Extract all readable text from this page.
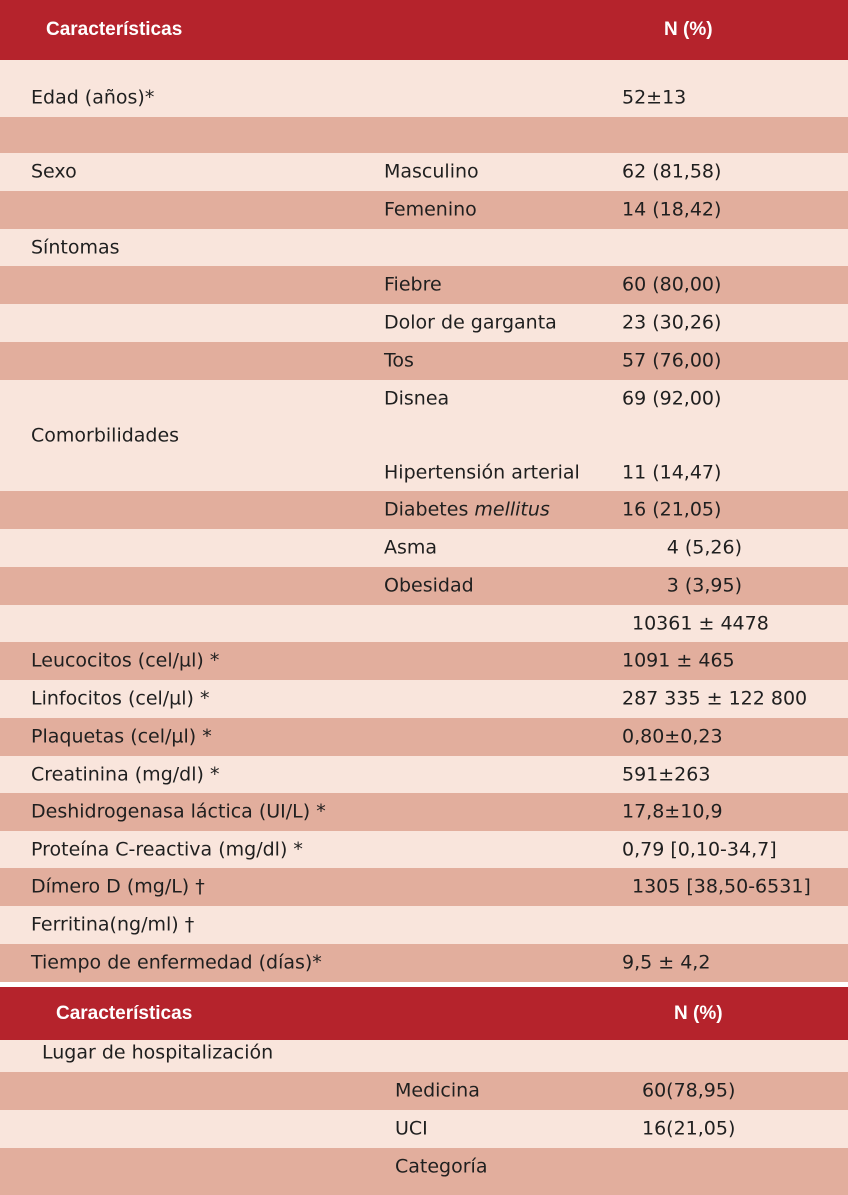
Características	N (%)
Edad (años)*	52±13
Sexo	Masculino	62 (81,58)
Femenino	14 (18,42)
Síntomas
Fiebre	60 (80,00)
Dolor de garganta	23 (30,26)
Tos	57 (76,00)
Disnea	69 (92,00)
Comorbilidades
Hipertensión arterial 11 (14,47)
Diabetes mellitus	16 (21,05)
Asma	4 (5,26)
Obesidad	3 (3,95)
10361 ± 4478
Leucocitos (cel/µl) *	1091 ± 465
Linfocitos (cel/µl) *	287 335 ± 122 800
Plaquetas (cel/µl) *	0,80±0,23
Creatinina (mg/dl) *	591±263
Deshidrogenasa láctica (UI/L) *	17,8±10,9
Proteína C-reactiva (mg/dl) *	0,79 [0,10-34,7]
Dímero D (mg/L) †	1305 [38,50-6531]
Ferritina(ng/ml) †
Tiempo de enfermedad (días)*	9,5 ± 4,2
Características	N (%)
Lugar de hospitalización
Medicina	60(78,95)
UCI	16(21,05)
Categoría
